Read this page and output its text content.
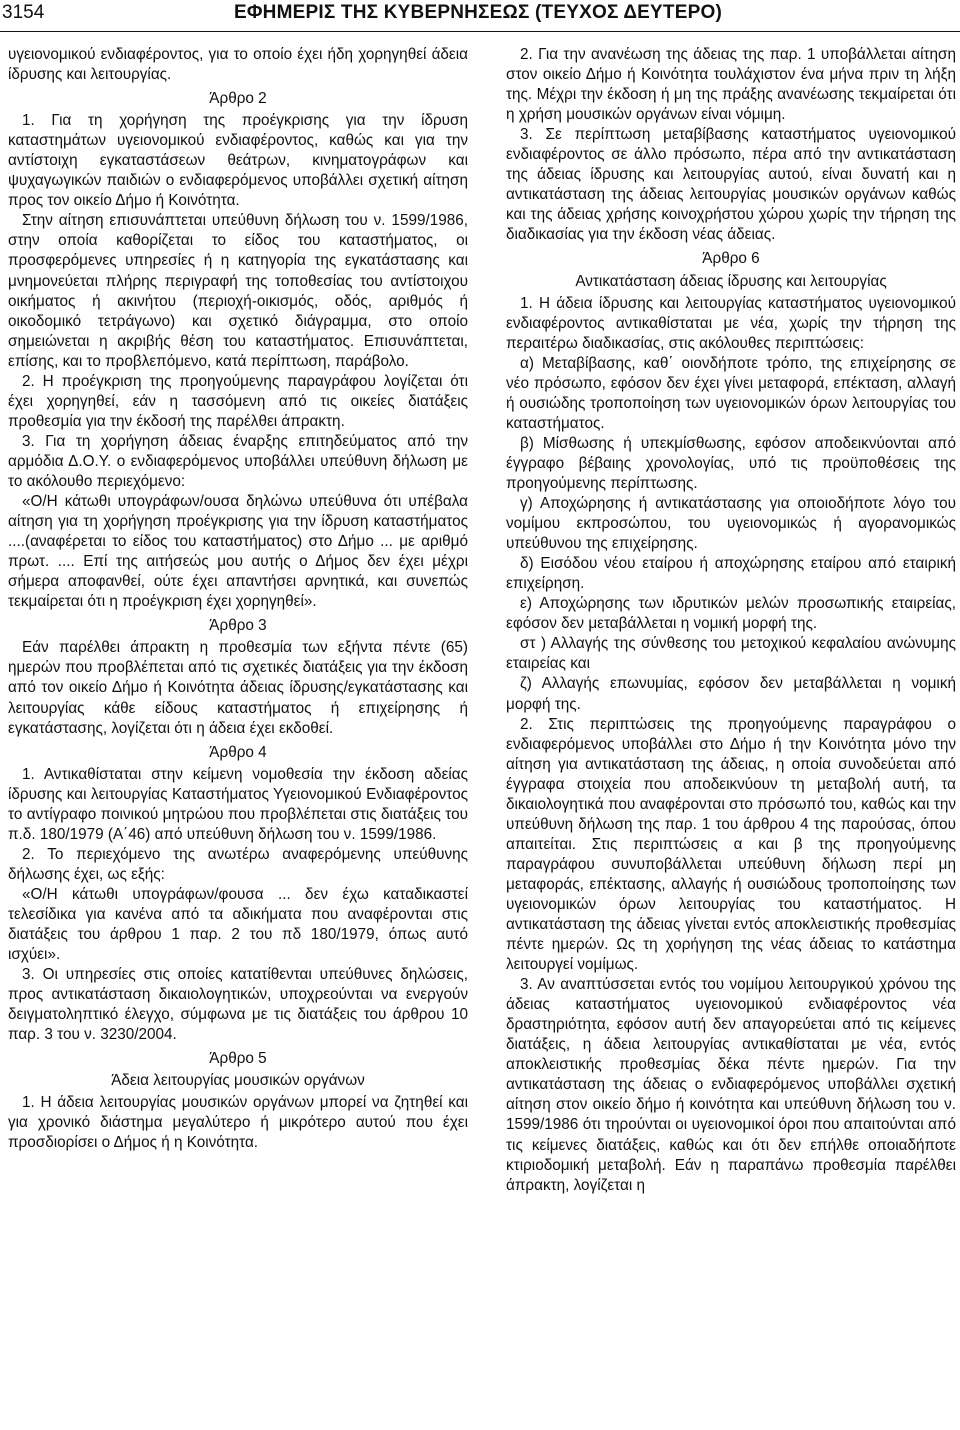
3154	ΕΦΗΜΕΡΙΣ ΤΗΣ ΚΥΒΕΡΝΗΣΕΩΣ (ΤΕΥΧΟΣ ΔΕΥΤΕΡΟ)

υγειονομικού ενδιαφέροντος, για το οποίο έχει ήδη χορηγηθεί άδεια ίδρυσης και λειτουργίας.

Άρθρο 2

1. Για τη χορήγηση της προέγκρισης για την ίδρυση καταστημάτων υγειονομικού ενδιαφέροντος, καθώς και για την αντίστοιχη εγκαταστάσεων θεάτρων, κινηματογράφων και ψυχαγωγικών παιδιών ο ενδιαφερόμενος υποβάλλει σχετική αίτηση προς τον οικείο Δήμο ή Κοινότητα.

Στην αίτηση επισυνάπτεται υπεύθυνη δήλωση του ν. 1599/1986, στην οποία καθορίζεται το είδος του καταστήματος, οι προσφερόμενες υπηρεσίες ή η κατηγορία της εγκατάστασης και μνημονεύεται πλήρης περιγραφή της τοποθεσίας του αντίστοιχου οικήματος ή ακινήτου (περιοχή-οικισμός, οδός, αριθμός ή οικοδομικό τετράγωνο) και σχετικό διάγραμμα, στο οποίο σημειώνεται η ακριβής θέση του καταστήματος. Επισυνάπτεται, επίσης, και το προβλεπόμενο, κατά περίπτωση, παράβολο.

2. Η προέγκριση της προηγούμενης παραγράφου λογίζεται ότι έχει χορηγηθεί, εάν η τασσόμενη από τις οικείες διατάξεις προθεσμία για την έκδοσή της παρέλθει άπρακτη.

3. Για τη χορήγηση άδειας έναρξης επιτηδεύματος από την αρμόδια Δ.Ο.Υ. ο ενδιαφερόμενος υποβάλλει υπεύθυνη δήλωση με το ακόλουθο περιεχόμενο:

«Ο/Η κάτωθι υπογράφων/ουσα δηλώνω υπεύθυνα ότι υπέβαλα αίτηση για τη χορήγηση προέγκρισης για την ίδρυση καταστήματος ....(αναφέρεται το είδος του καταστήματος) στο Δήμο ... με αριθμό πρωτ. .... Επί της αιτήσεώς μου αυτής ο Δήμος δεν έχει μέχρι σήμερα αποφανθεί, ούτε έχει απαντήσει αρνητικά, και συνεπώς τεκμαίρεται ότι η προέγκριση έχει χορηγηθεί».

Άρθρο 3

Εάν παρέλθει άπρακτη η προθεσμία των εξήντα πέντε (65) ημερών που προβλέπεται από τις σχετικές διατάξεις για την έκδοση από τον οικείο Δήμο ή Κοινότητα άδειας ίδρυσης/εγκατάστασης και λειτουργίας κάθε είδους καταστήματος ή επιχείρησης ή εγκατάστασης, λογίζεται ότι η άδεια έχει εκδοθεί.

Άρθρο 4

1. Αντικαθίσταται στην κείμενη νομοθεσία την έκδοση αδείας ίδρυσης και λειτουργίας Καταστήματος Υγειονομικού Ενδιαφέροντος το αντίγραφο ποινικού μητρώου που προβλέπεται στις διατάξεις του π.δ. 180/1979 (Α΄46) από υπεύθυνη δήλωση του ν. 1599/1986.

2. Το περιεχόμενο της ανωτέρω αναφερόμενης υπεύθυνης δήλωσης έχει, ως εξής:

«Ο/Η κάτωθι υπογράφων/φουσα ... δεν έχω καταδικαστεί τελεσίδικα για κανένα από τα αδικήματα που αναφέρονται στις διατάξεις του άρθρου 1 παρ. 2 του πδ 180/1979, όπως αυτό ισχύει».

3. Οι υπηρεσίες στις οποίες κατατίθενται υπεύθυνες δηλώσεις, προς αντικατάσταση δικαιολογητικών, υποχρεούνται να ενεργούν δειγματοληπτικό έλεγχο, σύμφωνα με τις διατάξεις του άρθρου 10 παρ. 3 του ν. 3230/2004.

Άρθρο 5

Άδεια λειτουργίας μουσικών οργάνων

1. Η άδεια λειτουργίας μουσικών οργάνων μπορεί να ζητηθεί και για χρονικό διάστημα μεγαλύτερο ή μικρότερο αυτού που έχει προσδιορίσει ο Δήμος ή η Κοινότητα.

2. Για την ανανέωση της άδειας της παρ. 1 υποβάλλεται αίτηση στον οικείο Δήμο ή Κοινότητα τουλάχιστον ένα μήνα πριν τη λήξη της. Μέχρι την έκδοση ή μη της πράξης ανανέωσης τεκμαίρεται ότι η χρήση μουσικών οργάνων είναι νόμιμη.

3. Σε περίπτωση μεταβίβασης καταστήματος υγειονομικού ενδιαφέροντος σε άλλο πρόσωπο, πέρα από την αντικατάσταση της άδειας ίδρυσης και λειτουργίας αυτού, είναι δυνατή και η αντικατάσταση της άδειας λειτουργίας μουσικών οργάνων καθώς και της άδειας χρήσης κοινοχρήστου χώρου χωρίς την τήρηση της διαδικασίας για την έκδοση νέας άδειας.

Άρθρο 6

Αντικατάσταση άδειας ίδρυσης και λειτουργίας

1. Η άδεια ίδρυσης και λειτουργίας καταστήματος υγειονομικού ενδιαφέροντος αντικαθίσταται με νέα, χωρίς την τήρηση της περαιτέρω διαδικασίας, στις ακόλουθες περιπτώσεις:

α) Μεταβίβασης, καθ΄ οιονδήποτε τρόπο, της επιχείρησης σε νέο πρόσωπο, εφόσον δεν έχει γίνει μεταφορά, επέκταση, αλλαγή ή ουσιώδης τροποποίηση των υγειονομικών όρων λειτουργίας του καταστήματος.

β) Μίσθωσης ή υπεκμίσθωσης, εφόσον αποδεικνύονται από έγγραφο βέβαιης χρονολογίας, υπό τις προϋποθέσεις της προηγούμενης περίπτωσης.

γ) Αποχώρησης ή αντικατάστασης για οποιοδήποτε λόγο του νομίμου εκπροσώπου, του υγειονομικώς ή αγορανομικώς υπεύθυνου της επιχείρησης.

δ) Εισόδου νέου εταίρου ή αποχώρησης εταίρου από εταιρική επιχείρηση.

ε) Αποχώρησης των ιδρυτικών μελών προσωπικής εταιρείας, εφόσον δεν μεταβάλλεται η νομική μορφή της.

στ ) Αλλαγής της σύνθεσης του μετοχικού κεφαλαίου ανώνυμης εταιρείας και

ζ) Αλλαγής επωνυμίας, εφόσον δεν μεταβάλλεται η νομική μορφή της.

2. Στις περιπτώσεις της προηγούμενης παραγράφου ο ενδιαφερόμενος υποβάλλει στο Δήμο ή την Κοινότητα μόνο την αίτηση για αντικατάσταση της άδειας, η οποία συνοδεύεται από έγγραφα στοιχεία που αποδεικνύουν τη μεταβολή αυτή, τα δικαιολογητικά που αναφέρονται στο πρόσωπό του, καθώς και την υπεύθυνη δήλωση της παρ. 1 του άρθρου 4 της παρούσας, όπου απαιτείται. Στις περιπτώσεις α και β της προηγούμενης παραγράφου συνυποβάλλεται υπεύθυνη δήλωση περί μη μεταφοράς, επέκτασης, αλλαγής ή ουσιώδους τροποποίησης των υγειονομικών όρων λειτουργίας του καταστήματος. Η αντικατάσταση της άδειας γίνεται εντός αποκλειστικής προθεσμίας πέντε ημερών. Ως τη χορήγηση της νέας άδειας το κατάστημα λειτουργεί νομίμως.

3. Αν αναπτύσσεται εντός του νομίμου λειτουργικού χρόνου της άδειας καταστήματος υγειονομικού ενδιαφέροντος νέα δραστηριότητα, εφόσον αυτή δεν απαγορεύεται από τις κείμενες διατάξεις, η άδεια λειτουργίας αντικαθίσταται με νέα, εντός αποκλειστικής προθεσμίας δέκα πέντε ημερών. Για την αντικατάσταση της άδειας ο ενδιαφερόμενος υποβάλλει σχετική αίτηση στον οικείο δήμο ή κοινότητα και υπεύθυνη δήλωση του ν. 1599/1986 ότι τηρούνται οι υγειονομικοί όροι που απαιτούνται από τις κείμενες διατάξεις, καθώς και ότι δεν επήλθε οποιαδήποτε κτιριοδομική μεταβολή. Εάν η παραπάνω προθεσμία παρέλθει άπρακτη, λογίζεται η
